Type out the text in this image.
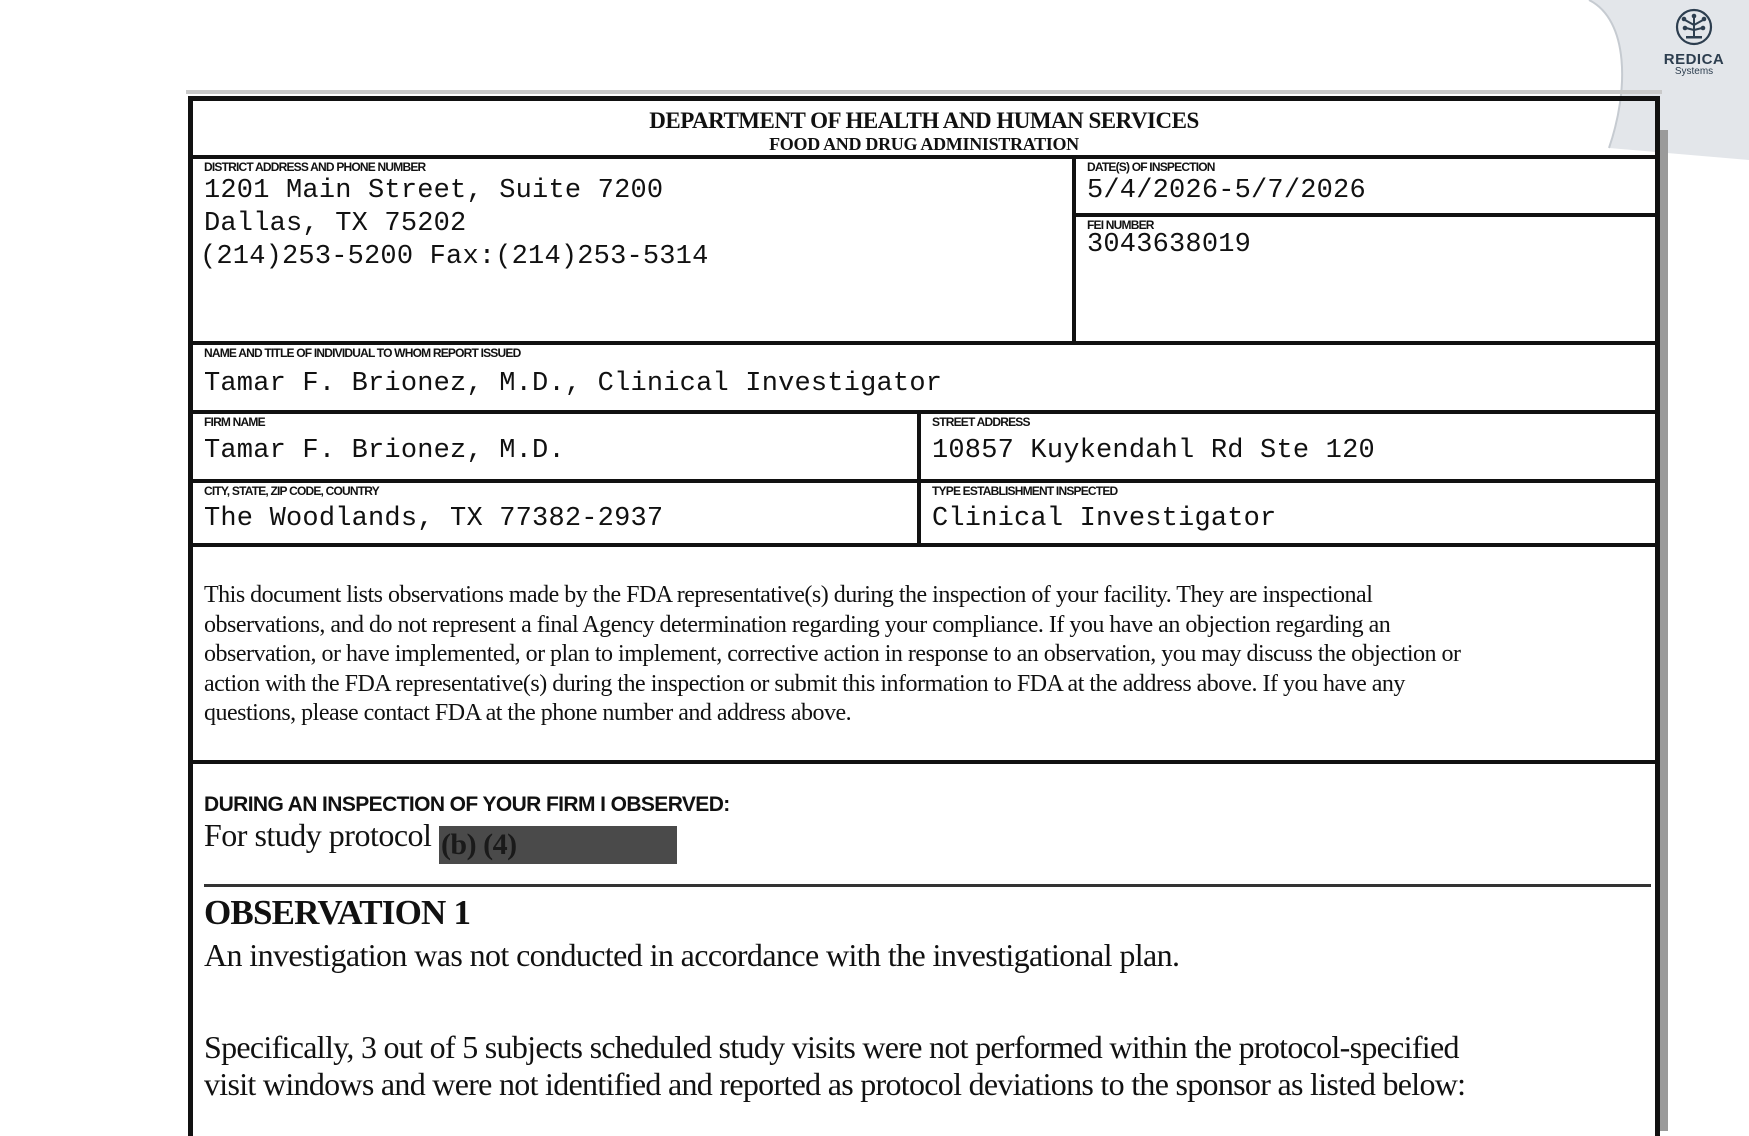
REDICA
Systems
DEPARTMENT OF HEALTH AND HUMAN SERVICES
FOOD AND DRUG ADMINISTRATION
DISTRICT ADDRESS AND PHONE NUMBER
1201 Main Street, Suite 7200
Dallas, TX 75202
(214)253-5200 Fax:(214)253-5314
DATE(S) OF INSPECTION
5/4/2026-5/7/2026
FEI NUMBER
3043638019
NAME AND TITLE OF INDIVIDUAL TO WHOM REPORT ISSUED
Tamar F. Brionez, M.D., Clinical Investigator
FIRM NAME
Tamar F. Brionez, M.D.
STREET ADDRESS
10857 Kuykendahl Rd Ste 120
CITY, STATE, ZIP CODE, COUNTRY
The Woodlands, TX 77382-2937
TYPE ESTABLISHMENT INSPECTED
Clinical Investigator
This document lists observations made by the FDA representative(s) during the inspection of your facility. They are inspectional
observations, and do not represent a final Agency determination regarding your compliance. If you have an objection regarding an
observation, or have implemented, or plan to implement, corrective action in response to an observation, you may discuss the objection or
action with the FDA representative(s) during the inspection or submit this information to FDA at the address above. If you have any
questions, please contact FDA at the phone number and address above.
DURING AN INSPECTION OF YOUR FIRM I OBSERVED:
For study protocol (b) (4)
OBSERVATION 1
An investigation was not conducted in accordance with the investigational plan.
Specifically, 3 out of 5 subjects scheduled study visits were not performed within the protocol-specified
visit windows and were not identified and reported as protocol deviations to the sponsor as listed below:
